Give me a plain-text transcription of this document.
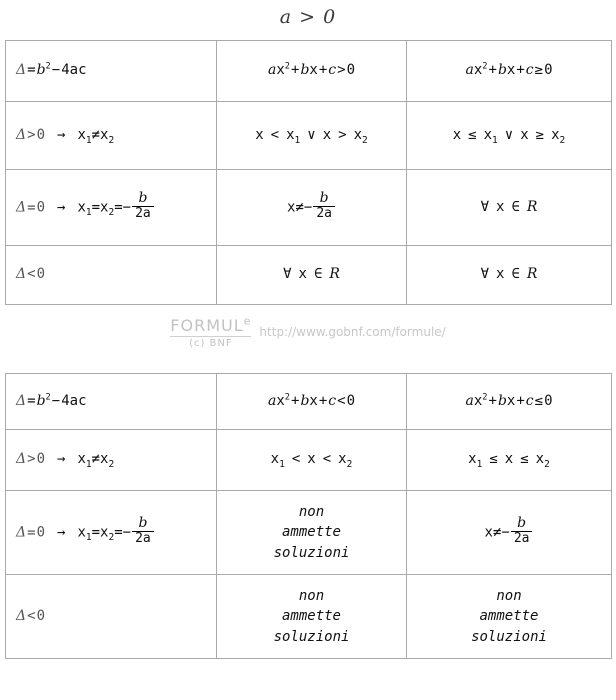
a > 0
$\Delta=b^2-4ac$	$ax^2+bx+c>0$	$ax^2+bx+c\ge 0$
$\Delta>0 \to x_1\ne x_2$	$x < x_1$ ∨ $x > x_2$	$x \le x_1$ ∨ $x \ge x_2$
$\Delta=0 \to x_1=x_2=- \frac{b}{2a}$	$x\ne- \frac{b}{2a}$	∀ x ∈ R
Δ<0	∀ x ∈ R	∀ x ∈ R
FORMUL$^e$
(c) BNF
http://www.gobnf.com/formule/
$\Delta=b^2-4ac$	$ax^2+bx+c<0$	$ax^2+bx+c\le 0$
$\Delta>0 \to x_1\ne x_2$	$x_1 < x < x_2$	$x_1 \le x \le x_2$
$\Delta=0 \to x_1=x_2=- \frac{b}{2a}$	non
ammette
soluzioni	$x\ne- \frac{b}{2a}$

Δ<0	non
ammette
soluzioni	non
ammette
soluzioni
